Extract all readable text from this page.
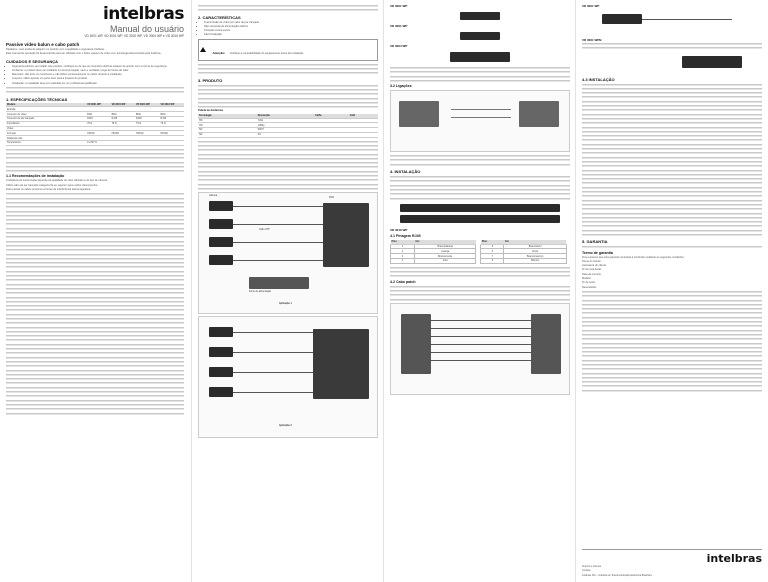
intelbras
Manual do usuário
VD 3001 WP, VD 3001 WP, VD 3002 WP, VD 3004 WP e VD 3016 WP
Passive vídeo balun e cabo patch

Parabéns, você acaba de adquirir um produto com a qualidade e segurança Intelbras.

Este manual de operação foi desenvolvido para ser utilizado com o balun passivo de vídeo com tecnologia desenvolvida pela Intelbras.

CUIDADOS E SEGURANÇA
• Segurança elétrica: ao instalar este produto, certifique-se de que as conexões elétricas estejam de acordo com a norma de segurança.
• Ambiente: o produto deve ser instalado em local protegido, seco e ventilado, longe de fontes de calor.
• Manuseio: não force os conectores e não dobre excessivamente os cabos durante a instalação.
• Limpeza: utilize apenas um pano seco para a limpeza do produto.
• Instalação: a instalação deve ser realizada por um profissional qualificado.
1. ESPECIFICAÇÕES TÉCNICAS
Modelo	VD 3001 WP	VD 3001 WP	VD 3004 WP	VD 3016 WP
Entrada				
Conector de vídeo	BNC	BNC	BNC	BNC
Conector de par trançado	RJ45	RJ45	RJ45	RJ45
Impedância	75 Ω	75 Ω	75 Ω	75 Ω
Vídeo				
Formato	HD/SD	HD/SD	HD/SD	HD/SD
Distância máx.				
Temperatura	0 a 50 °C			
1.1 Recomendações de instalação

A distância de transmissão depende da qualidade do cabo utilizado e do tipo de câmera.

Utilize cabo de par trançado categoria 5e ou superior para melhor desempenho.

Evite passar os cabos próximos a fontes de interferência eletromagnética.

2. CARACTERÍSTICAS
• Transmissão de vídeo por cabo de par trançado.
• Não necessita de alimentação elétrica.
• Proteção contra surtos.
• Fácil instalação.
Atenção: Verifique a compatibilidade do equipamento antes da instalação.
3. PRODUTO

Tabela de distâncias

Tecnologia	Resolução	Cat5e	Cat6
HD	720p		
HD	1080p		
SD	960H		
SD	D1		
Câmera
DVR
Cabo UTP
Fonte de alimentação
Aplicação 1
Aplicação 2
VD 3001 WP
VD 3001 WP
VD 3004 WP
3.2 Ligações
4. INSTALAÇÃO
VD 3016 WP
4.1 Pinagem RJ45
Pino	Cor
1	Branco/laranja
2	Laranja
3	Branco/verde
4	Azul
Pino	Cor
5	Branco/azul
6	Verde
7	Branco/marrom
8	Marrom
4.2 Cabo patch
VD 3001 WP
VD 3001 WPB
4.3 INSTALAÇÃO
5. GARANTIA
Termo de garantia

Fica expresso que esta garantia contratual é conferida mediante as seguintes condições:

Nome do cliente:

Assinatura do cliente:

Nº da nota fiscal:

Data da compra:

Modelo:

Nº de série:

Revendedor:

intelbras

Suporte a clientes

Contato:

Intelbras S/A – Indústria de Telecomunicação Eletrônica Brasileira
